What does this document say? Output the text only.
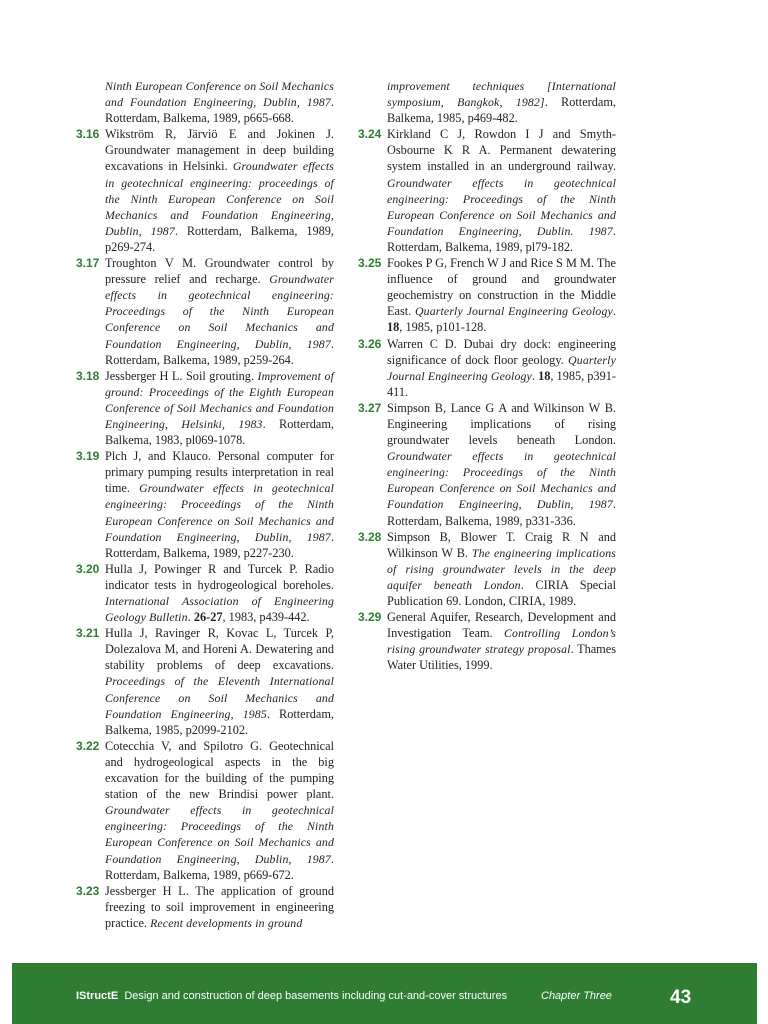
Ninth European Conference on Soil Mechanics and Foundation Engineering, Dublin, 1987. Rotterdam, Balkema, 1989, p665-668.
3.16 Wikström R, Järviö E and Jokinen J. Groundwater management in deep building excavations in Helsinki. Groundwater effects in geotechnical engineering: proceedings of the Ninth European Conference on Soil Mechanics and Foundation Engineering, Dublin, 1987. Rotterdam, Balkema, 1989, p269-274.
3.17 Troughton V M. Groundwater control by pressure relief and recharge. Groundwater effects in geotechnical engineering: Proceedings of the Ninth European Conference on Soil Mechanics and Foundation Engineering, Dublin, 1987. Rotterdam, Balkema, 1989, p259-264.
3.18 Jessberger H L. Soil grouting. Improvement of ground: Proceedings of the Eighth European Conference of Soil Mechanics and Foundation Engineering, Helsinki, 1983. Rotterdam, Balkema, 1983, pl069-1078.
3.19 Plch J, and Klauco. Personal computer for primary pumping results interpretation in real time. Groundwater effects in geotechnical engineering: Proceedings of the Ninth European Conference on Soil Mechanics and Foundation Engineering, Dublin, 1987. Rotterdam, Balkema, 1989, p227-230.
3.20 Hulla J, Powinger R and Turcek P. Radio indicator tests in hydrogeological boreholes. International Association of Engineering Geology Bulletin. 26-27, 1983, p439-442.
3.21 Hulla J, Ravinger R, Kovac L, Turcek P, Dolezalova M, and Horeni A. Dewatering and stability problems of deep excavations. Proceedings of the Eleventh International Conference on Soil Mechanics and Foundation Engineering, 1985. Rotterdam, Balkema, 1985, p2099-2102.
3.22 Cotecchia V, and Spilotro G. Geotechnical and hydrogeological aspects in the big excavation for the building of the pumping station of the new Brindisi power plant. Groundwater effects in geotechnical engineering: Proceedings of the Ninth European Conference on Soil Mechanics and Foundation Engineering, Dublin, 1987. Rotterdam, Balkema, 1989, p669-672.
3.23 Jessberger H L. The application of ground freezing to soil improvement in engineering practice. Recent developments in ground
improvement techniques [International symposium, Bangkok, 1982]. Rotterdam, Balkema, 1985, p469-482.
3.24 Kirkland C J, Rowdon I J and Smyth-Osbourne K R A. Permanent dewatering system installed in an underground railway. Groundwater effects in geotechnical engineering: Proceedings of the Ninth European Conference on Soil Mechanics and Foundation Engineering, Dublin. 1987. Rotterdam, Balkema, 1989, pl79-182.
3.25 Fookes P G, French W J and Rice S M M. The influence of ground and groundwater geochemistry on construction in the Middle East. Quarterly Journal Engineering Geology. 18, 1985, p101-128.
3.26 Warren C D. Dubai dry dock: engineering significance of dock floor geology. Quarterly Journal Engineering Geology. 18, 1985, p391-411.
3.27 Simpson B, Lance G A and Wilkinson W B. Engineering implications of rising groundwater levels beneath London. Groundwater effects in geotechnical engineering: Proceedings of the Ninth European Conference on Soil Mechanics and Foundation Engineering, Dublin, 1987. Rotterdam, Balkema, 1989, p331-336.
3.28 Simpson B, Blower T. Craig R N and Wilkinson W B. The engineering implications of rising groundwater levels in the deep aquifer beneath London. CIRIA Special Publication 69. London, CIRIA, 1989.
3.29 General Aquifer, Research, Development and Investigation Team. Controlling London’s rising groundwater strategy proposal. Thames Water Utilities, 1999.
IStructE Design and construction of deep basements including cut-and-cover structures	Chapter Three	43
